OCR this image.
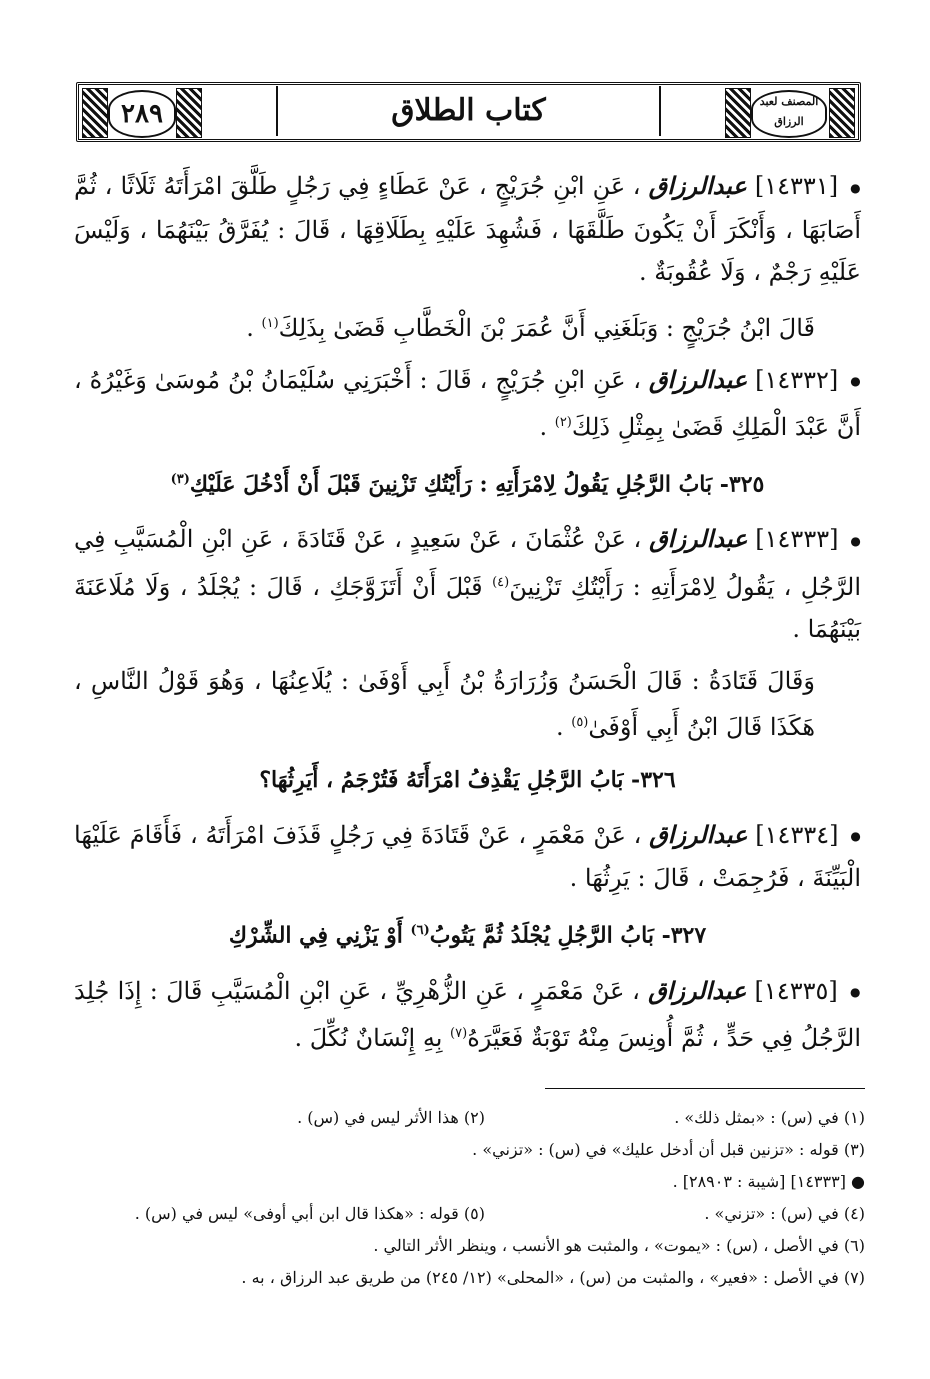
المصنف لعبد الرزاق
كتاب الطلاق
٢٨٩

● [١٤٣٣١] عبدالرزاق ، عَنِ ابْنِ جُرَيْجٍ ، عَنْ عَطَاءٍ فِي رَجُلٍ طَلَّقَ امْرَأَتَهُ ثَلَاثًا ، ثُمَّ أَصَابَهَا ، وَأَنْكَرَ أَنْ يَكُونَ طَلَّقَهَا ، فَشُهِدَ عَلَيْهِ بِطَلَاقِهَا ، قَالَ : يُفَرَّقُ بَيْنَهُمَا ، وَلَيْسَ عَلَيْهِ رَجْمٌ ، وَلَا عُقُوبَةٌ .

قَالَ ابْنُ جُرَيْجٍ : وَبَلَغَنِي أَنَّ عُمَرَ بْنَ الْخَطَّابِ قَضَىٰ بِذَلِكَ$^{(١)}$ .

● [١٤٣٣٢] عبدالرزاق ، عَنِ ابْنِ جُرَيْجٍ ، قَالَ : أَخْبَرَنِي سُلَيْمَانُ بْنُ مُوسَىٰ وَغَيْرُهُ ، أَنَّ عَبْدَ الْمَلِكِ قَضَىٰ بِمِثْلِ ذَلِكَ$^{(٢)}$ .

٣٢٥- بَابُ الرَّجُلِ يَقُولُ لِامْرَأَتِهِ : رَأَيْتُكِ تَزْنِينَ قَبْلَ أَنْ أَدْخُلَ عَلَيْكِ$^{(٣)}$

● [١٤٣٣٣] عبدالرزاق ، عَنْ عُثْمَانَ ، عَنْ سَعِيدٍ ، عَنْ قَتَادَةَ ، عَنِ ابْنِ الْمُسَيَّبِ فِي الرَّجُلِ ، يَقُولُ لِامْرَأَتِهِ : رَأَيْتُكِ تَزْنِينَ$^{(٤)}$ قَبْلَ أَنْ أَتَزَوَّجَكِ ، قَالَ : يُجْلَدُ ، وَلَا مُلَاعَنَةَ بَيْنَهُمَا .

وَقَالَ قَتَادَةُ : قَالَ الْحَسَنُ وَزُرَارَةُ بْنُ أَبِي أَوْفَىٰ : يُلَاعِنُهَا ، وَهُوَ قَوْلُ النَّاسِ ، هَكَذَا قَالَ ابْنُ أَبِي أَوْفَىٰ$^{(٥)}$ .

٣٢٦- بَابُ الرَّجُلِ يَقْذِفُ امْرَأَتَهُ فَتُرْجَمُ ، أَيَرِثُهَا؟

● [١٤٣٣٤] عبدالرزاق ، عَنْ مَعْمَرٍ ، عَنْ قَتَادَةَ فِي رَجُلٍ قَذَفَ امْرَأَتَهُ ، فَأَقَامَ عَلَيْهَا الْبَيِّنَةَ ، فَرُجِمَتْ ، قَالَ : يَرِثُهَا .

٣٢٧- بَابُ الرَّجُلِ يُجْلَدُ ثُمَّ يَتُوبُ$^{(٦)}$ أَوْ يَزْنِي فِي الشِّرْكِ

● [١٤٣٣٥] عبدالرزاق ، عَنْ مَعْمَرٍ ، عَنِ الزُّهْرِيِّ ، عَنِ ابْنِ الْمُسَيَّبِ قَالَ : إِذَا جُلِدَ الرَّجُلُ فِي حَدٍّ ، ثُمَّ أُونِسَ مِنْهُ تَوْبَةٌ فَعَيَّرَهُ$^{(٧)}$ بِهِ إِنْسَانٌ نُكِّلَ .

(١) في (س) : «بمثل ذلك» .
(٢) هذا الأثر ليس في (س) .
(٣) قوله : «تزنين قبل أن أدخل عليك» في (س) : «تزني» .
● [١٤٣٣٣] [شيبة : ٢٨٩٠٣] .
(٤) في (س) : «تزني» .
(٥) قوله : «هكذا قال ابن أبي أوفى» ليس في (س) .
(٦) في الأصل ، (س) : «يموت» ، والمثبت هو الأنسب ، وينظر الأثر التالي .
(٧) في الأصل : «فعير» ، والمثبت من (س) ، «المحلى» (١٢/ ٢٤٥) من طريق عبد الرزاق ، به .
